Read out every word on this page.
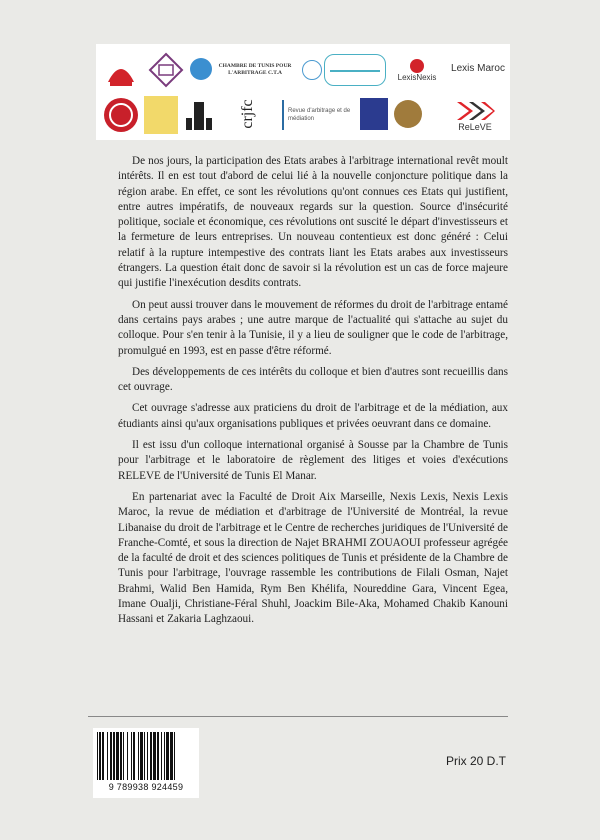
CHAMBRE DE TUNIS POUR L'ARBITRAGE C.T.A	LexisNexis
Lexis Maroc
crjfc	Revue d'arbitrage et de médiation
ReLeVE

De nos jours, la participation des Etats arabes à l'arbitrage international revêt moult intérêts. Il en est tout d'abord de celui lié à la nouvelle conjoncture politique dans la région arabe. En effet, ce sont les révolutions qu'ont connues ces Etats qui justifient, entre autres impératifs, de nouveaux regards sur la question. Source d'insécurité politique, sociale et économique, ces révolutions ont suscité le départ d'investisseurs et la fermeture de leurs entreprises. Un nouveau contentieux est donc généré : Celui relatif à la rupture intempestive des contrats liant les Etats arabes aux investisseurs étrangers. La question était donc de savoir si la révolution est un cas de force majeure qui justifie l'inexécution desdits contrats.

On peut aussi trouver dans le mouvement de réformes du droit de l'arbitrage entamé dans certains pays arabes ; une autre marque de l'actualité qui s'attache au sujet du colloque. Pour s'en tenir à la Tunisie, il y a lieu de souligner que le code de l'arbitrage, promulgué en 1993, est en passe d'être réformé.

Des développements de ces intérêts du colloque et bien d'autres sont recueillis dans cet ouvrage.

Cet ouvrage s'adresse aux praticiens du droit de l'arbitrage et de la médiation, aux étudiants ainsi qu'aux organisations publiques et privées oeuvrant dans ce domaine.

Il est issu d'un colloque international organisé à Sousse par la Chambre de Tunis pour l'arbitrage et le laboratoire de règlement des litiges et voies d'exécutions RELEVE de l'Université de Tunis El Manar.

En partenariat avec la Faculté de Droit Aix Marseille, Nexis Lexis, Nexis Lexis Maroc, la revue de médiation et d'arbitrage de l'Université de Montréal, la revue Libanaise du droit de l'arbitrage et le Centre de recherches juridiques de l'Université de Franche-Comté, et sous la direction de Najet BRAHMI ZOUAOUI professeur agrégée de la faculté de droit et des sciences politiques de Tunis et présidente de la Chambre de Tunis pour l'arbitrage, l'ouvrage rassemble les contributions de Filali Osman, Najet Brahmi, Walid Ben Hamida, Rym Ben Khélifa, Noureddine Gara, Vincent Egea, Imane Oualji, Christiane-Féral Shuhl, Joackim Bile-Aka, Mohamed Chakib Kanouni Hassani et Zakaria Laghzaoui.

9 789938 924459
Prix 20 D.T
